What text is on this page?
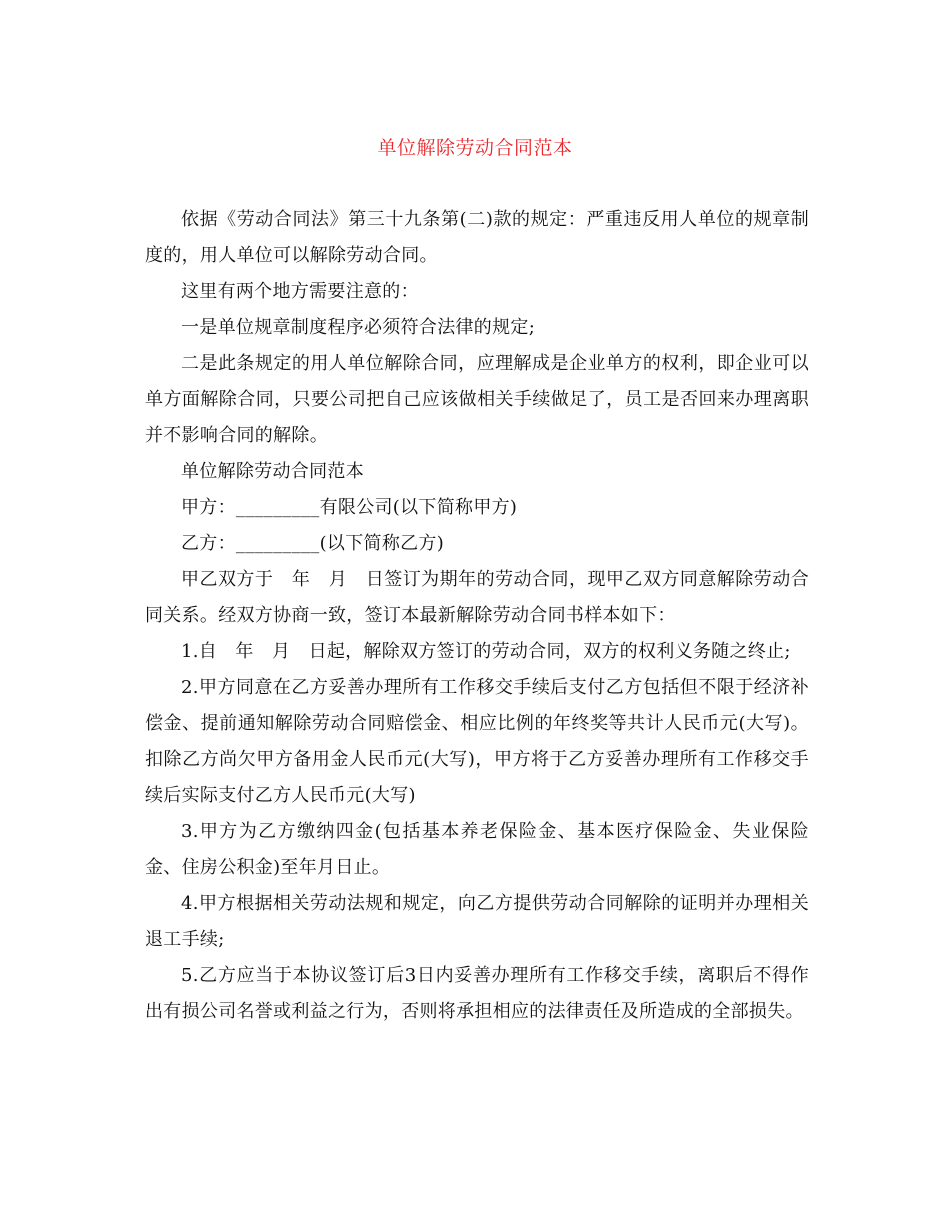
单位解除劳动合同范本

依据《劳动合同法》第三十九条第(二)款的规定：严重违反用人单位的规章制度的，用人单位可以解除劳动合同。

这里有两个地方需要注意的：

一是单位规章制度程序必须符合法律的规定;

二是此条规定的用人单位解除合同，应理解成是企业单方的权利，即企业可以单方面解除合同，只要公司把自己应该做相关手续做足了，员工是否回来办理离职并不影响合同的解除。

单位解除劳动合同范本

甲方：_________有限公司(以下简称甲方)

乙方：_________(以下简称乙方)

甲乙双方于　年　月　日签订为期年的劳动合同，现甲乙双方同意解除劳动合同关系。经双方协商一致，签订本最新解除劳动合同书样本如下：

1.自　年　月　日起，解除双方签订的劳动合同，双方的权利义务随之终止;

2.甲方同意在乙方妥善办理所有工作移交手续后支付乙方包括但不限于经济补偿金、提前通知解除劳动合同赔偿金、相应比例的年终奖等共计人民币元(大写)。扣除乙方尚欠甲方备用金人民币元(大写)，甲方将于乙方妥善办理所有工作移交手续后实际支付乙方人民币元(大写)

3.甲方为乙方缴纳四金(包括基本养老保险金、基本医疗保险金、失业保险金、住房公积金)至年月日止。

4.甲方根据相关劳动法规和规定，向乙方提供劳动合同解除的证明并办理相关退工手续;

5.乙方应当于本协议签订后3日内妥善办理所有工作移交手续，离职后不得作出有损公司名誉或利益之行为，否则将承担相应的法律责任及所造成的全部损失。
